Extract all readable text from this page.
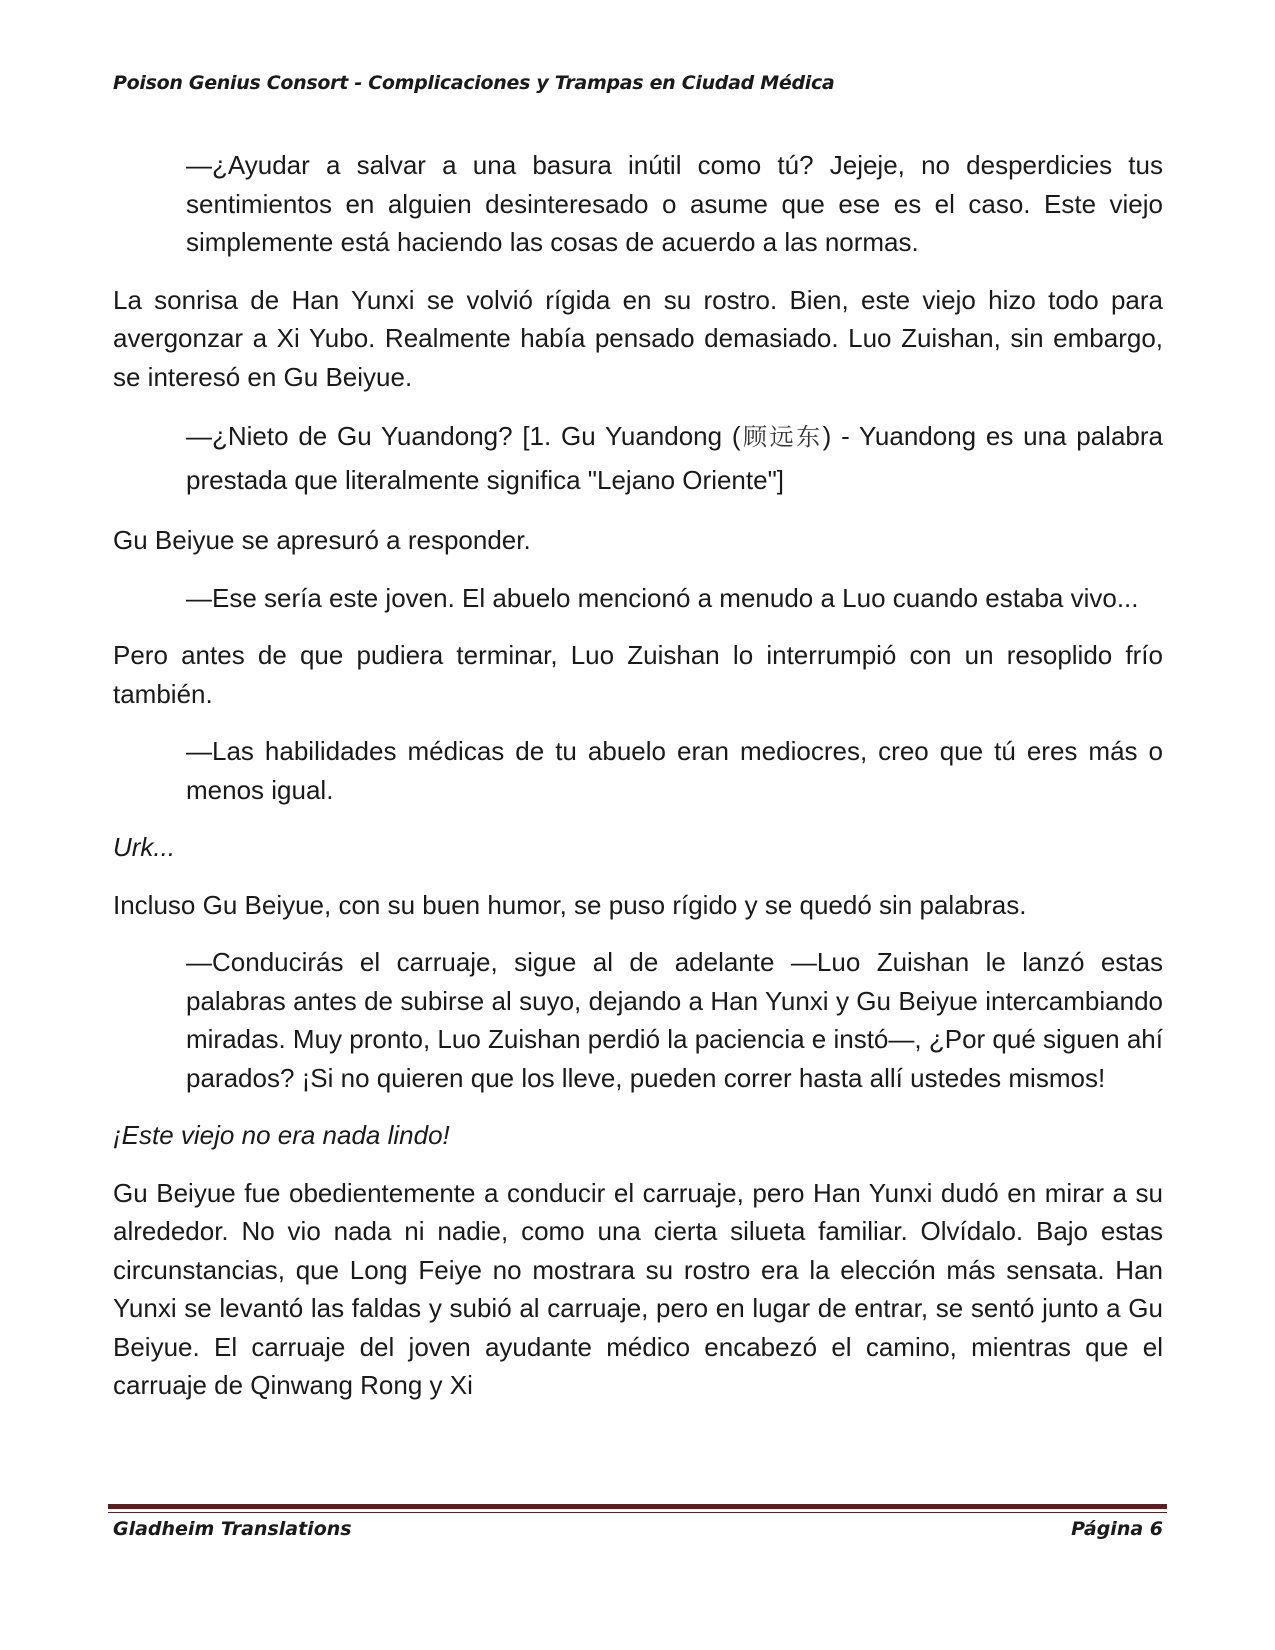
Poison Genius Consort - Complicaciones y Trampas en Ciudad Médica

—¿Ayudar a salvar a una basura inútil como tú? Jejeje, no desperdicies tus sentimientos en alguien desinteresado o asume que ese es el caso. Este viejo simplemente está haciendo las cosas de acuerdo a las normas.

La sonrisa de Han Yunxi se volvió rígida en su rostro. Bien, este viejo hizo todo para avergonzar a Xi Yubo. Realmente había pensado demasiado. Luo Zuishan, sin embargo, se interesó en Gu Beiyue.

—¿Nieto de Gu Yuandong? [1. Gu Yuandong (顾远东) - Yuandong es una palabra prestada que literalmente significa "Lejano Oriente"]

Gu Beiyue se apresuró a responder.

—Ese sería este joven. El abuelo mencionó a menudo a Luo cuando estaba vivo...

Pero antes de que pudiera terminar, Luo Zuishan lo interrumpió con un resoplido frío también.

—Las habilidades médicas de tu abuelo eran mediocres, creo que tú eres más o menos igual.

Urk...

Incluso Gu Beiyue, con su buen humor, se puso rígido y se quedó sin palabras.

—Conducirás el carruaje, sigue al de adelante —Luo Zuishan le lanzó estas palabras antes de subirse al suyo, dejando a Han Yunxi y Gu Beiyue intercambiando miradas. Muy pronto, Luo Zuishan perdió la paciencia e instó—, ¿Por qué siguen ahí parados? ¡Si no quieren que los lleve, pueden correr hasta allí ustedes mismos!

¡Este viejo no era nada lindo!

Gu Beiyue fue obedientemente a conducir el carruaje, pero Han Yunxi dudó en mirar a su alrededor. No vio nada ni nadie, como una cierta silueta familiar. Olvídalo. Bajo estas circunstancias, que Long Feiye no mostrara su rostro era la elección más sensata. Han Yunxi se levantó las faldas y subió al carruaje, pero en lugar de entrar, se sentó junto a Gu Beiyue. El carruaje del joven ayudante médico encabezó el camino, mientras que el carruaje de Qinwang Rong y Xi

Gladheim Translations	Página 6
